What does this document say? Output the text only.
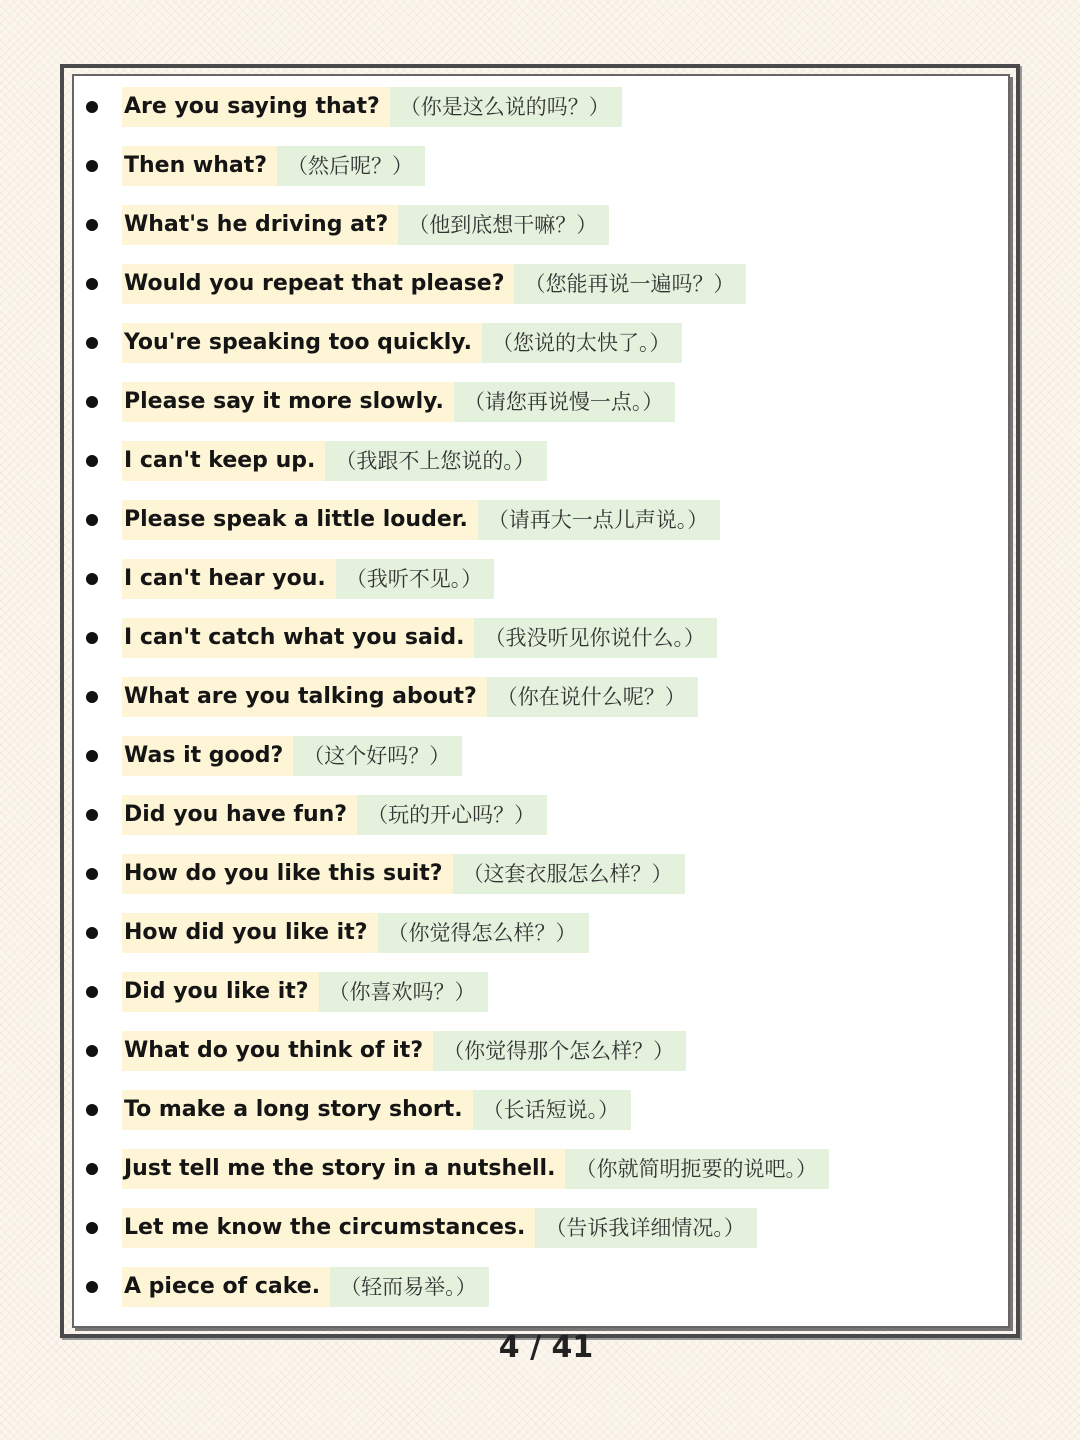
Are you saying that? （你是这么说的吗？）
Then what? （然后呢？）
What's he driving at? （他到底想干嘛？）
Would you repeat that please? （您能再说一遍吗？）
You're speaking too quickly. （您说的太快了。）
Please say it more slowly. （请您再说慢一点。）
I can't keep up. （我跟不上您说的。）
Please speak a little louder. （请再大一点儿声说。）
I can't hear you. （我听不见。）
I can't catch what you said. （我没听见你说什么。）
What are you talking about? （你在说什么呢？）
Was it good? （这个好吗？）
Did you have fun? （玩的开心吗？）
How do you like this suit? （这套衣服怎么样？）
How did you like it? （你觉得怎么样？）
Did you like it? （你喜欢吗？）
What do you think of it? （你觉得那个怎么样？）
To make a long story short. （长话短说。）
Just tell me the story in a nutshell. （你就简明扼要的说吧。）
Let me know the circumstances. （告诉我详细情况。）
A piece of cake. （轻而易举。）
4 / 41
